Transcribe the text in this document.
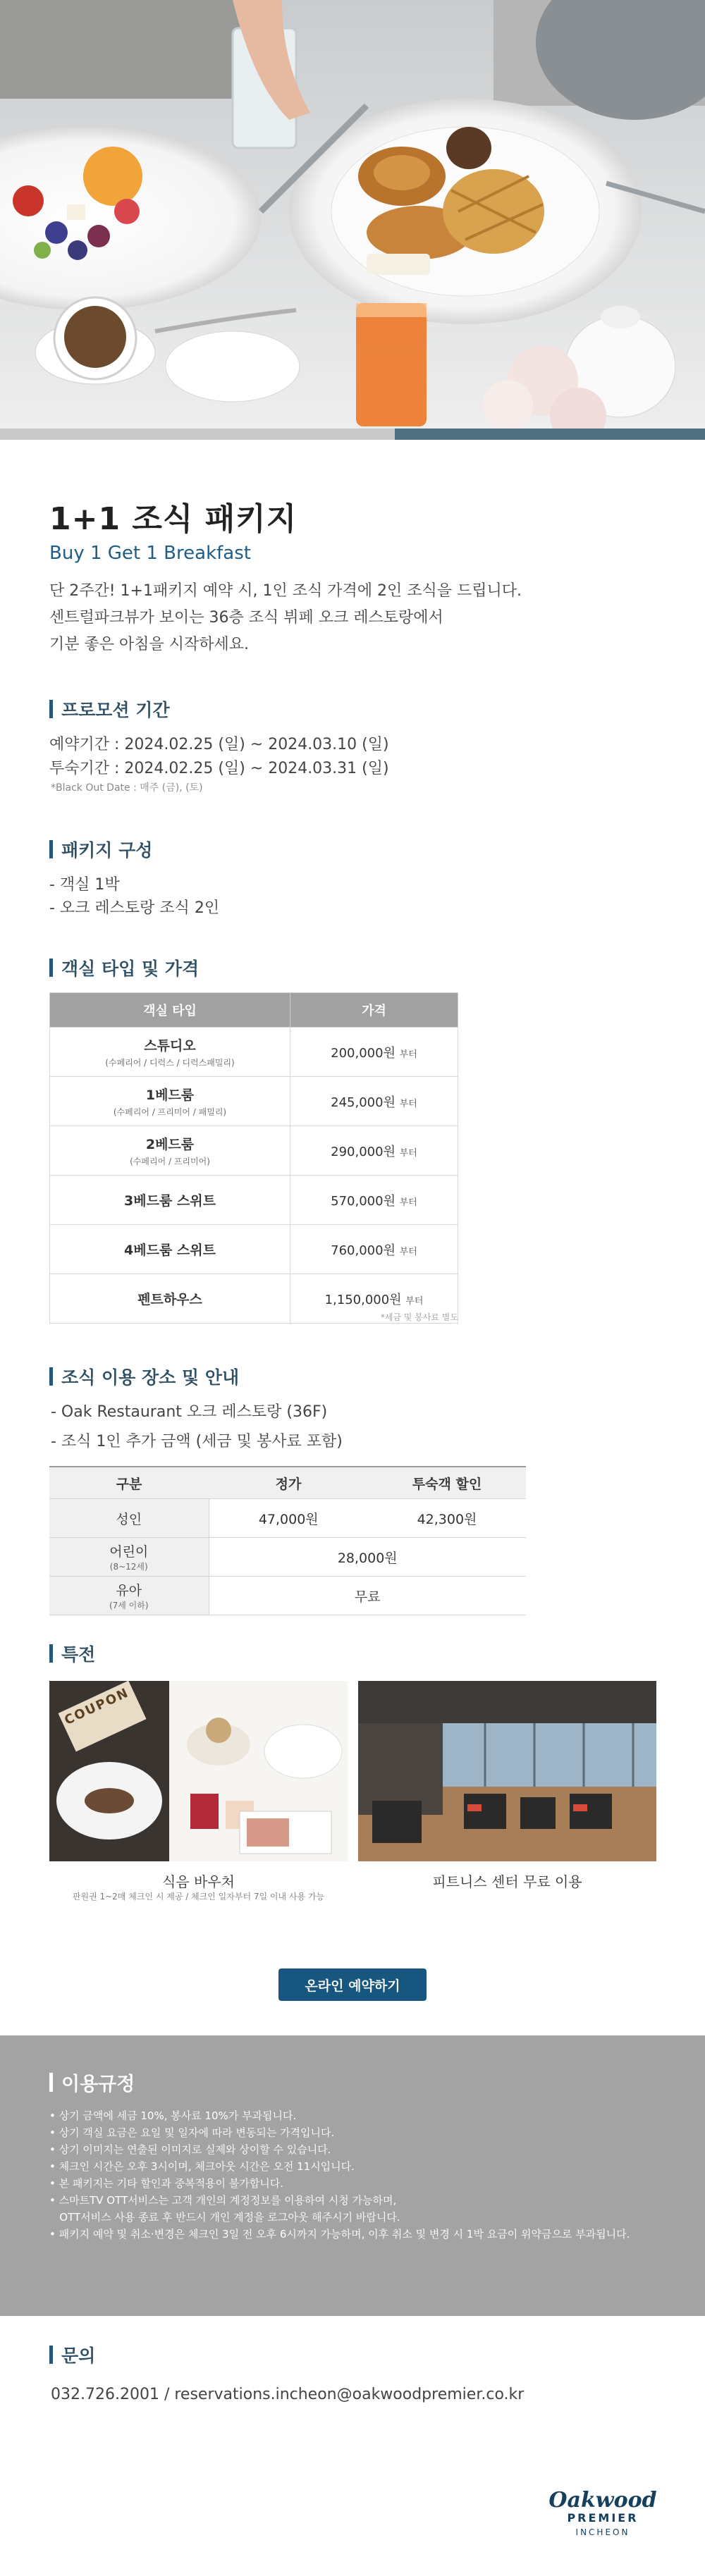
1+1 조식 패키지
Buy 1 Get 1 Breakfast
단 2주간! 1+1패키지 예약 시, 1인 조식 가격에 2인 조식을 드립니다.
센트럴파크뷰가 보이는 36층 조식 뷔페 오크 레스토랑에서
기분 좋은 아침을 시작하세요.
프로모션 기간
예약기간 : 2024.02.25 (일) ~ 2024.03.10 (일)
투숙기간 : 2024.02.25 (일) ~ 2024.03.31 (일)
*Black Out Date : 매주 (금), (토)
패키지 구성
- 객실 1박
- 오크 레스토랑 조식 2인
객실 타입 및 가격
객실 타입	가격

스튜디오
(수페리어 / 디럭스 / 디럭스패밀리)	200,000원 부터

1베드룸
(수페리어 / 프리미어 / 패밀리)	245,000원 부터

2베드룸
(수페리어 / 프리미어)	290,000원 부터

3베드룸 스위트	570,000원 부터

4베드룸 스위트	760,000원 부터

펜트하우스	1,150,000원 부터
*세금 및 봉사료 별도
조식 이용 장소 및 안내
- Oak Restaurant 오크 레스토랑 (36F)
- 조식 1인 추가 금액 (세금 및 봉사료 포함)
구분	정가	투숙객 할인
성인	47,000원	42,300원
어린이
(8~12세)	28,000원	
유아
(7세 이하)	무료	
특전
COUPON
식음 바우처
판원권 1~2매 체크인 시 제공 / 체크인 일자부터 7일 이내 사용 가능
피트니스 센터 무료 이용
온라인 예약하기
이용규정
• 상기 금액에 세금 10%, 봉사료 10%가 부과됩니다.
• 상기 객실 요금은 요일 및 일자에 따라 변동되는 가격입니다.
• 상기 이미지는 연출된 이미지로 실제와 상이할 수 있습니다.
• 체크인 시간은 오후 3시이며, 체크아웃 시간은 오전 11시입니다.
• 본 패키지는 기타 할인과 중복적용이 불가합니다.
• 스마트TV OTT서비스는 고객 개인의 계정정보를 이용하여 시청 가능하며,
OTT서비스 사용 종료 후 반드시 개인 계정을 로그아웃 해주시기 바랍니다.
• 패키지 예약 및 취소·변경은 체크인 3일 전 오후 6시까지 가능하며, 이후 취소 및 변경 시 1박 요금이 위약금으로 부과됩니다.
문의
032.726.2001 / reservations.incheon@oakwoodpremier.co.kr
Oakwood
PREMIER
INCHEON
